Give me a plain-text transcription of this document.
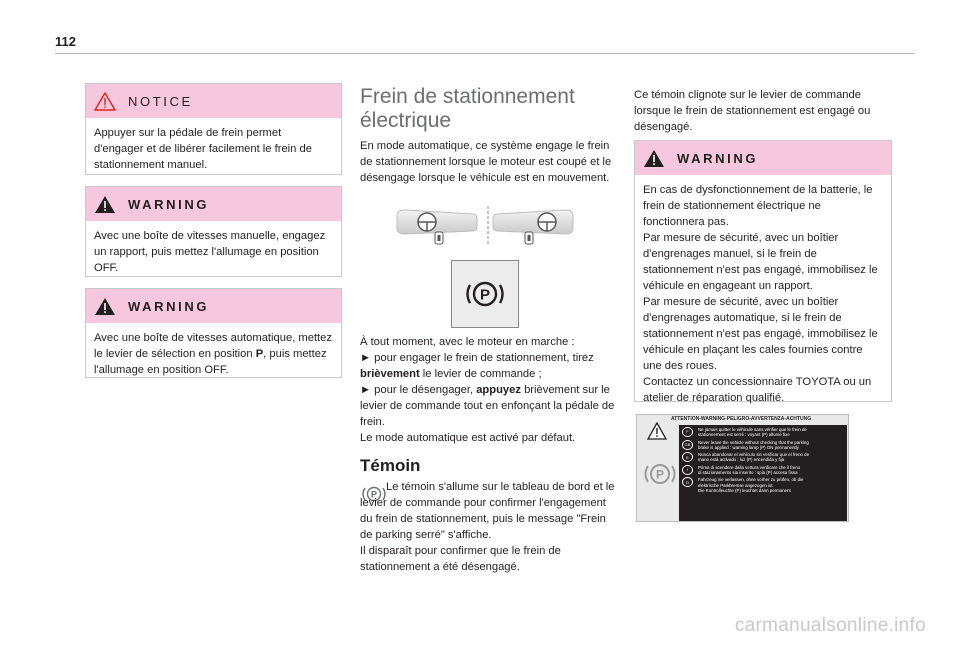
112
NOTICE
Appuyer sur la pédale de frein permet d'engager et de libérer facilement le frein de stationnement manuel.
WARNING
Avec une boîte de vitesses manuelle, engagez un rapport, puis mettez l'allumage en position OFF.
WARNING
Avec une boîte de vitesses automatique, mettez le levier de sélection en position P, puis mettez l'allumage en position OFF.
Frein de stationnement électrique
En mode automatique, ce système engage le frein de stationnement lorsque le moteur est coupé et le désengage lorsque le véhicule est en mouvement.
P
À tout moment, avec le moteur en marche :
► pour engager le frein de stationnement, tirez brièvement le levier de commande ;
► pour le désengager, appuyez brièvement sur le levier de commande tout en enfonçant la pédale de frein.
Le mode automatique est activé par défaut.
Témoin
P
Le témoin s'allume sur le tableau de bord et le levier de commande pour confirmer l'engagement du frein de stationnement, puis le message "Frein de parking serré" s'affiche.
Il disparaît pour confirmer que le frein de stationnement a été désengagé.
Ce témoin clignote sur le levier de commande lorsque le frein de stationnement est engagé ou désengagé.
WARNING
En cas de dysfonctionnement de la batterie, le frein de stationnement électrique ne fonctionnera pas.
Par mesure de sécurité, avec un boîtier d'engrenages manuel, si le frein de stationnement n'est pas engagé, immobilisez le véhicule en engageant un rapport.
Par mesure de sécurité, avec un boîtier d'engrenages automatique, si le frein de stationnement n'est pas engagé, immobilisez le véhicule en plaçant les cales fournies contre une des roues.
Contactez un concessionnaire TOYOTA ou un atelier de réparation qualifié.
ATTENTION-WARNING-PELIGRO-AVVERTENZA-ACHTUNG
P
F	Ne jamais quitter le véhicule sans vérifier que le frein de
stationnement est serré : voyant (P) allumé fixe
GB	Never leave the vehicle without checking that the parking
brake is applied : warning lamp (P) ON permanently
E	Nunca abandonar el vehículo sin verificar que el freno de
mano está activado : luz (P) encendida y fija
I	Prima di scendere dalla vettura verificare che il freno
di stazionamento sia inserito : spia (P) accesa fissa
D	Fahrzeug nie verlassen, ohne vorher zu prüfen, ob die
elektrische Parkbremse angezogen ist.
Die Kontrolleuchte (P) leuchtet dann permanent
carmanualsonline.info
